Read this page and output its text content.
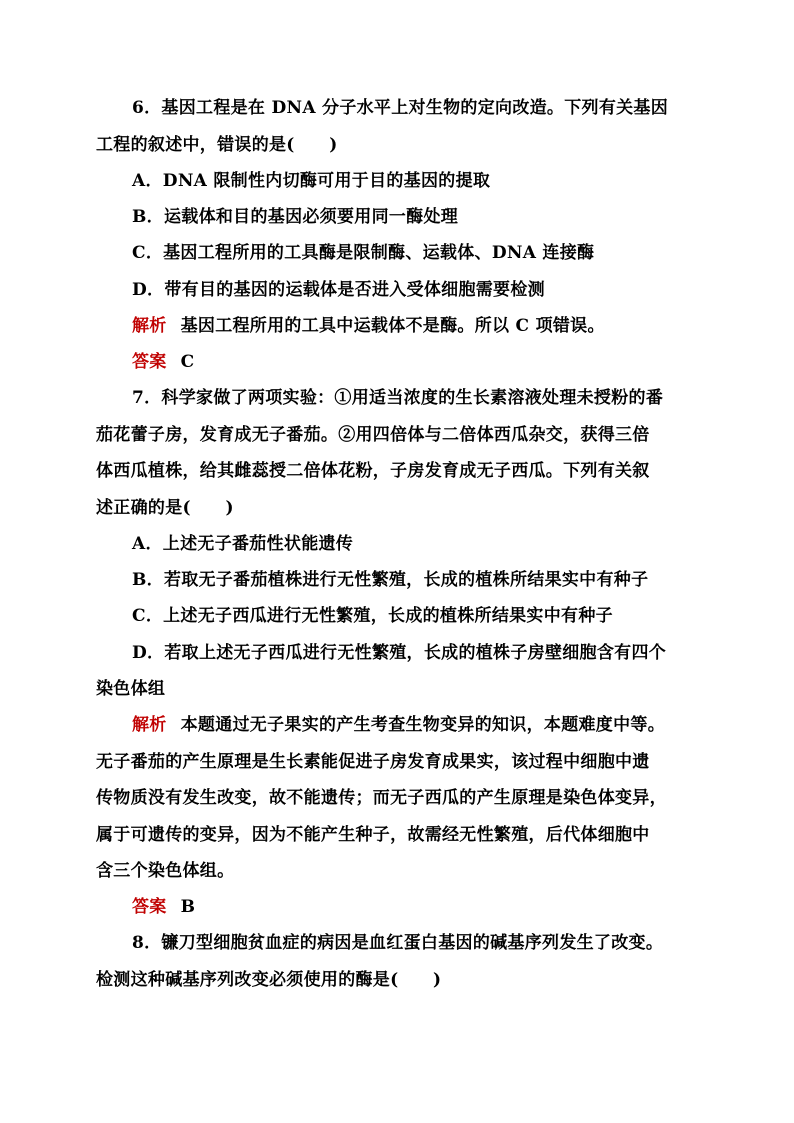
6．基因工程是在 DNA 分子水平上对生物的定向改造。下列有关基因
工程的叙述中，错误的是(　　)
A．DNA 限制性内切酶可用于目的基因的提取
B．运载体和目的基因必须要用同一酶处理
C．基因工程所用的工具酶是限制酶、运载体、DNA 连接酶
D．带有目的基因的运载体是否进入受体细胞需要检测
解析 基因工程所用的工具中运载体不是酶。所以 C 项错误。
答案 C
7．科学家做了两项实验：①用适当浓度的生长素溶液处理未授粉的番
茄花蕾子房，发育成无子番茄。②用四倍体与二倍体西瓜杂交，获得三倍
体西瓜植株，给其雌蕊授二倍体花粉，子房发育成无子西瓜。下列有关叙
述正确的是(　　)
A．上述无子番茄性状能遗传
B．若取无子番茄植株进行无性繁殖，长成的植株所结果实中有种子
C．上述无子西瓜进行无性繁殖，长成的植株所结果实中有种子
D．若取上述无子西瓜进行无性繁殖，长成的植株子房壁细胞含有四个
染色体组
解析 本题通过无子果实的产生考查生物变异的知识，本题难度中等。
无子番茄的产生原理是生长素能促进子房发育成果实，该过程中细胞中遗
传物质没有发生改变，故不能遗传；而无子西瓜的产生原理是染色体变异，
属于可遗传的变异，因为不能产生种子，故需经无性繁殖，后代体细胞中
含三个染色体组。
答案 B
8．镰刀型细胞贫血症的病因是血红蛋白基因的碱基序列发生了改变。
检测这种碱基序列改变必须使用的酶是(　　)
